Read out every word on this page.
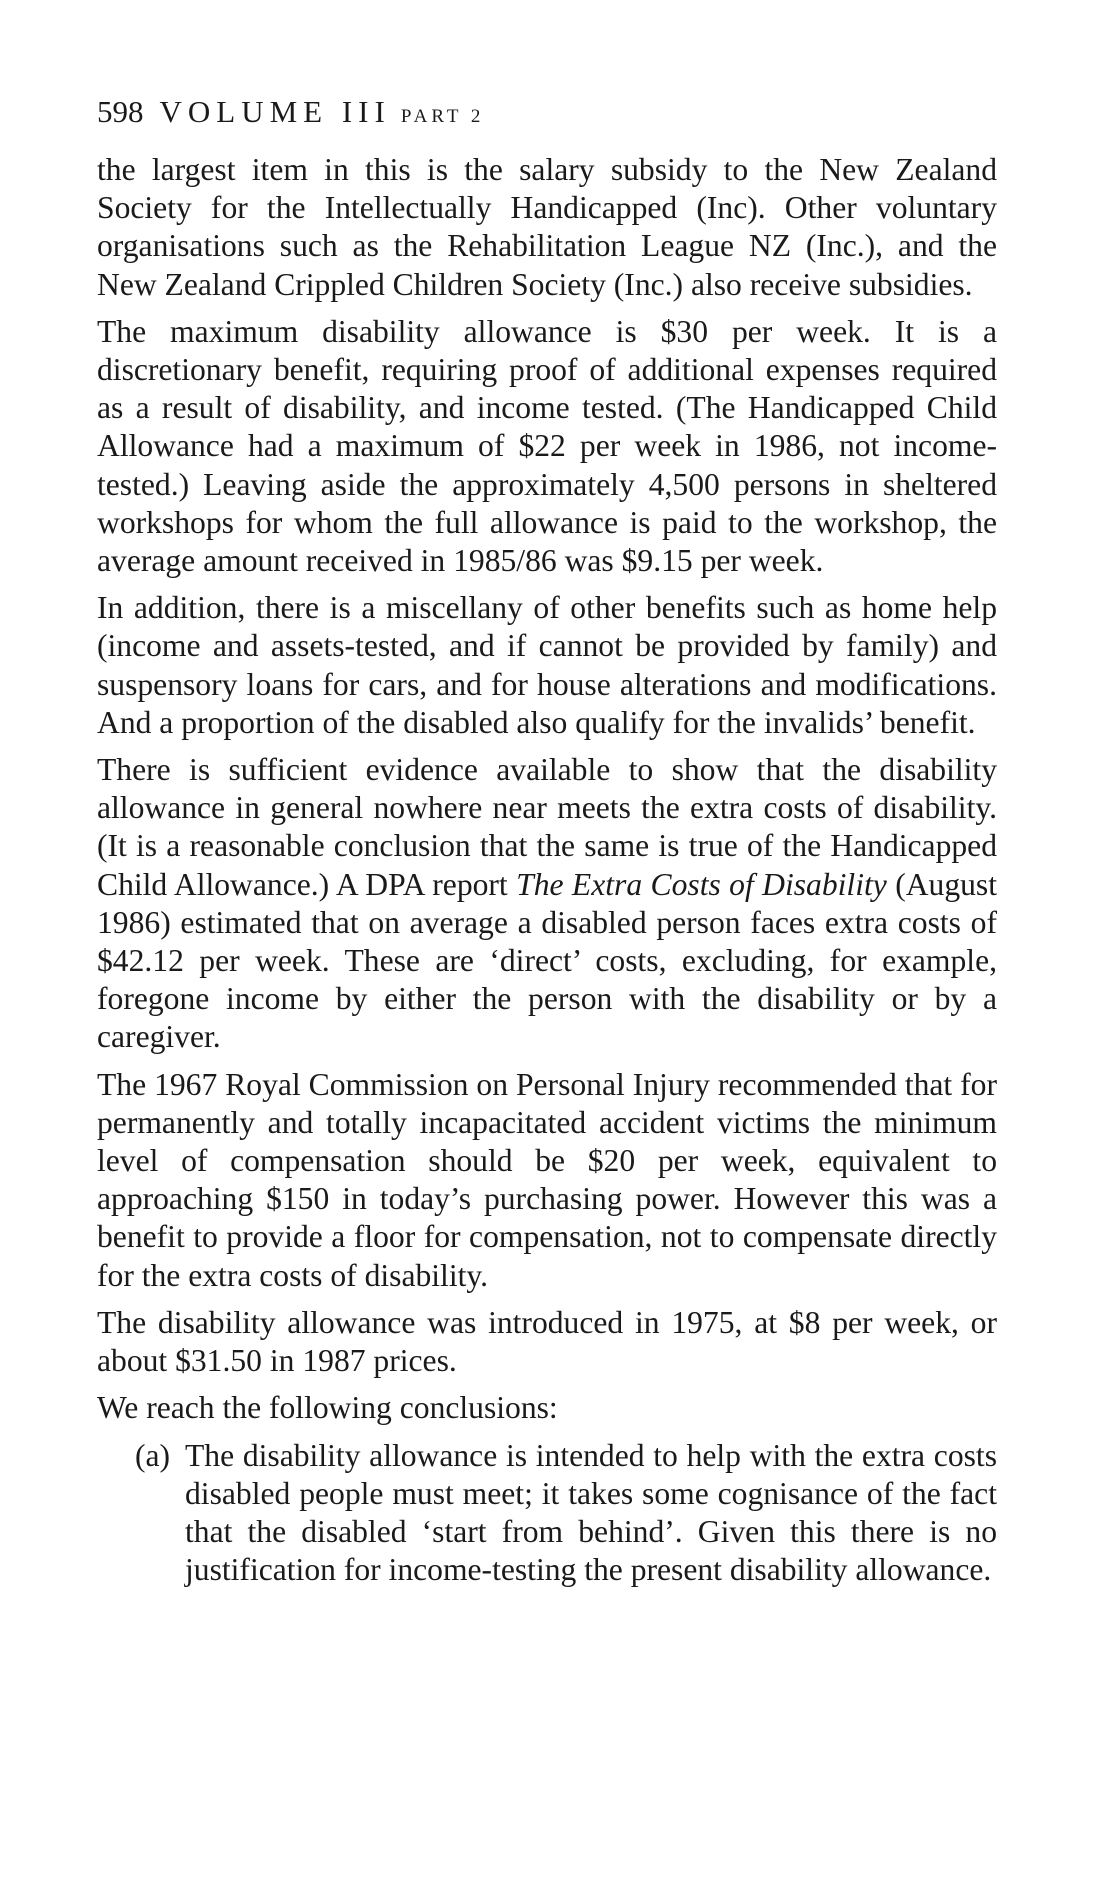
598 VOLUME III PART 2

the largest item in this is the salary subsidy to the New Zealand Society for the Intellectually Handicapped (Inc). Other voluntary organisations such as the Rehabilitation League NZ (Inc.), and the New Zealand Crippled Children Society (Inc.) also receive subsidies.

The maximum disability allowance is $30 per week. It is a discretionary benefit, requiring proof of additional expenses required as a result of disability, and income tested. (The Handicapped Child Allowance had a maximum of $22 per week in 1986, not income-tested.) Leaving aside the approximately 4,500 persons in sheltered workshops for whom the full allowance is paid to the workshop, the average amount received in 1985/86 was $9.15 per week.

In addition, there is a miscellany of other benefits such as home help (income and assets-tested, and if cannot be provided by family) and suspensory loans for cars, and for house alterations and modifications. And a proportion of the disabled also qualify for the invalids’ benefit.

There is sufficient evidence available to show that the disability allowance in general nowhere near meets the extra costs of disability. (It is a reasonable conclusion that the same is true of the Handicapped Child Allowance.) A DPA report The Extra Costs of Disability (August 1986) estimated that on average a disabled person faces extra costs of $42.12 per week. These are ‘direct’ costs, excluding, for example, foregone income by either the person with the disability or by a caregiver.

The 1967 Royal Commission on Personal Injury recommended that for permanently and totally incapacitated accident victims the minimum level of compensation should be $20 per week, equivalent to approaching $150 in today’s purchasing power. However this was a benefit to provide a floor for compensation, not to compensate directly for the extra costs of disability.

The disability allowance was introduced in 1975, at $8 per week, or about $31.50 in 1987 prices.

We reach the following conclusions:

(a) The disability allowance is intended to help with the extra costs disabled people must meet; it takes some cognisance of the fact that the disabled ‘start from behind’. Given this there is no justification for income-testing the present disability allowance.
